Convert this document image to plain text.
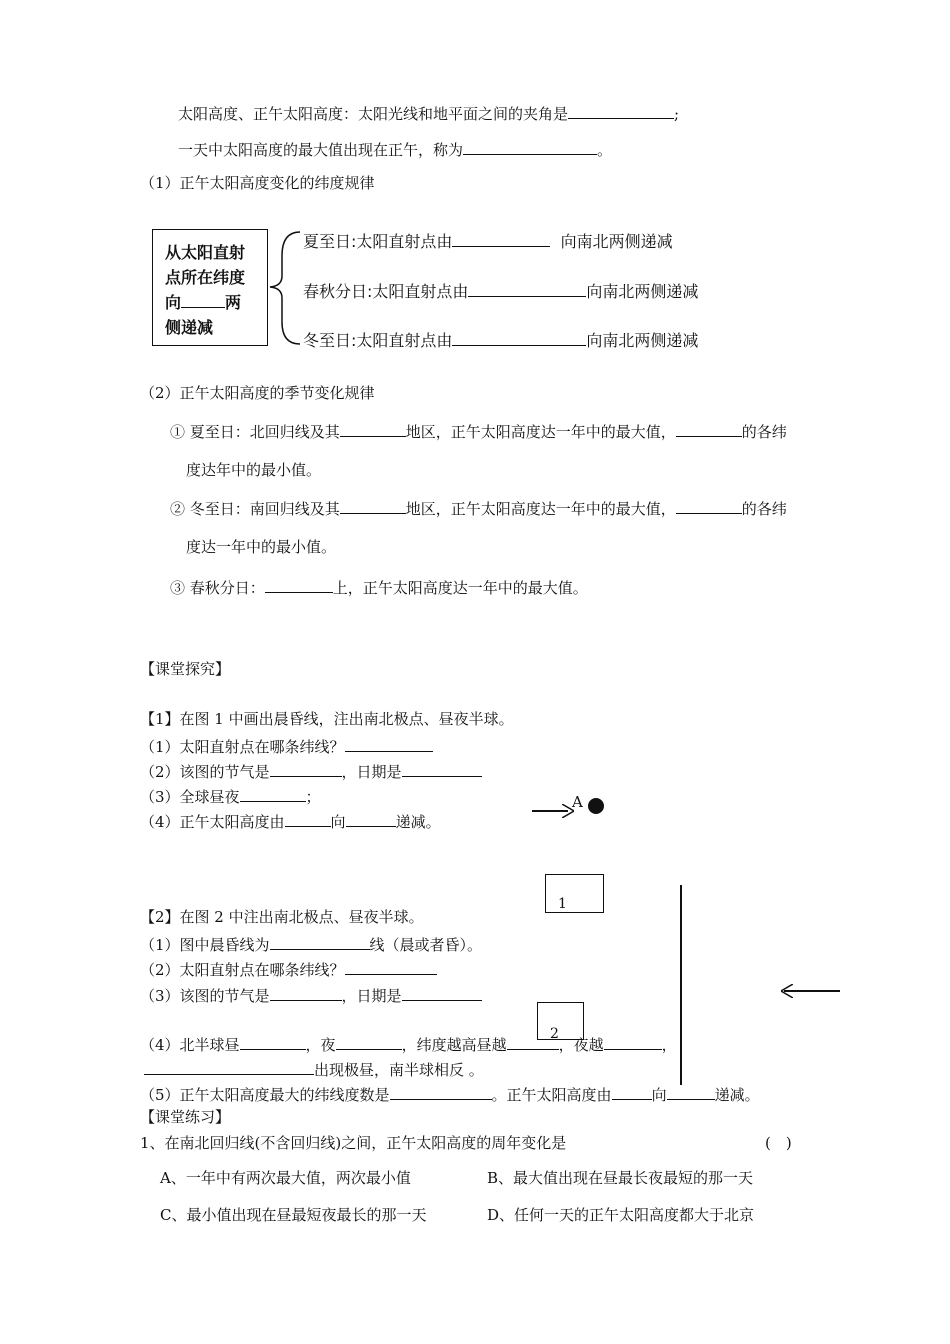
太阳高度、正午太阳高度：太阳光线和地平面之间的夹角是	;
一天中太阳高度的最大值出现在正午，称为	。
（1）正午太阳高度变化的纬度规律
从太阳直射
点所在纬度
向	两
侧递减
夏至日:太阳直射点由	向南北两侧递减
春秋分日:太阳直射点由	向南北两侧递减
冬至日:太阳直射点由	向南北两侧递减
（2）正午太阳高度的季节变化规律
① 夏至日：北回归线及其	地区，正午太阳高度达一年中的最大值，	的各纬
度达年中的最小值。
② 冬至日：南回归线及其	地区，正午太阳高度达一年中的最大值，	的各纬
度达一年中的最小值。
③ 春秋分日：	上，正午太阳高度达一年中的最大值。
【课堂探究】
【1】在图 1 中画出晨昏线，注出南北极点、昼夜半球。
（1）太阳直射点在哪条纬线？
（2）该图的节气是	，日期是
（3）全球昼夜	；
（4）正午太阳高度由	向	递减。
A
1
2
【2】在图 2 中注出南北极点、昼夜半球。
（1）图中晨昏线为	线（晨或者昏）。
（2）太阳直射点在哪条纬线？
（3）该图的节气是	，日期是
（4）北半球昼	，夜	，纬度越高昼越	，夜越	，
出现极昼，南半球相反 。
（5）正午太阳高度最大的纬线度数是	。正午太阳高度由	向	递减。
【课堂练习】
1、在南北回归线(不含回归线)之间，正午太阳高度的周年变化是	(　)
A、一年中有两次最大值，两次最小值	B、最大值出现在昼最长夜最短的那一天
C、最小值出现在昼最短夜最长的那一天	D、任何一天的正午太阳高度都大于北京
